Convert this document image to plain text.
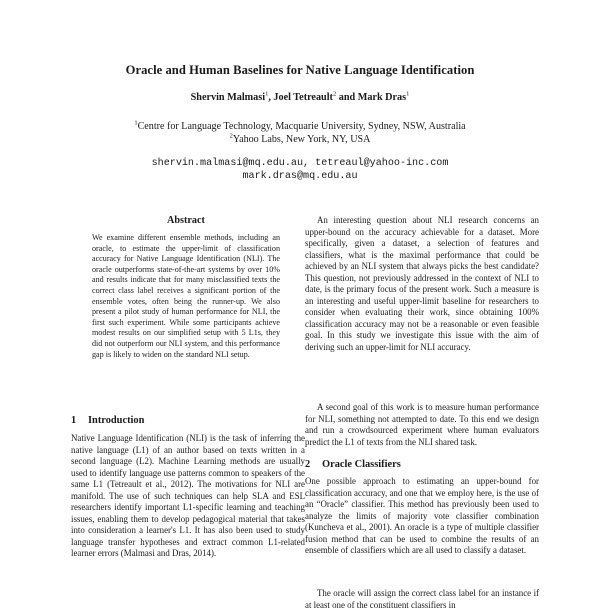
Oracle and Human Baselines for Native Language Identification
Shervin Malmasi$^1$, Joel Tetreault$^2$ and Mark Dras$^1$
$^1$Centre for Language Technology, Macquarie University, Sydney, NSW, Australia
$^2$Yahoo Labs, New York, NY, USA
shervin.malmasi@mq.edu.au, tetreaul@yahoo-inc.com
mark.dras@mq.edu.au
Abstract

We examine different ensemble methods, including an oracle, to estimate the upper-limit of classification accuracy for Native Language Identification (NLI). The oracle outperforms state-of-the-art systems by over 10% and results indicate that for many misclassified texts the correct class label receives a significant portion of the ensemble votes, often being the runner-up. We also present a pilot study of human performance for NLI, the first such experiment. While some participants achieve modest results on our simplified setup with 5 L1s, they did not outperform our NLI system, and this performance gap is likely to widen on the standard NLI setup.

1 Introduction

Native Language Identification (NLI) is the task of inferring the native language (L1) of an author based on texts written in a second language (L2). Machine Learning methods are usually used to identify language use patterns common to speakers of the same L1 (Tetreault et al., 2012). The motivations for NLI are manifold. The use of such techniques can help SLA and ESL researchers identify important L1-specific learning and teaching issues, enabling them to develop pedagogical material that takes into consideration a learner's L1. It has also been used to study language transfer hypotheses and extract common L1-related learner errors (Malmasi and Dras, 2014).

An interesting question about NLI research concerns an upper-bound on the accuracy achievable for a dataset. More specifically, given a dataset, a selection of features and classifiers, what is the maximal performance that could be achieved by an NLI system that always picks the best candidate? This question, not previously addressed in the context of NLI to date, is the primary focus of the present work. Such a measure is an interesting and useful upper-limit baseline for researchers to consider when evaluating their work, since obtaining 100% classification accuracy may not be a reasonable or even feasible goal. In this study we investigate this issue with the aim of deriving such an upper-limit for NLI accuracy.

A second goal of this work is to measure human performance for NLI, something not attempted to date. To this end we design and run a crowdsourced experiment where human evaluators predict the L1 of texts from the NLI shared task.

2 Oracle Classifiers

One possible approach to estimating an upper-bound for classification accuracy, and one that we employ here, is the use of an “Oracle” classifier. This method has previously been used to analyze the limits of majority vote classifier combination (Kuncheva et al., 2001). An oracle is a type of multiple classifier fusion method that can be used to combine the results of an ensemble of classifiers which are all used to classify a dataset.

The oracle will assign the correct class label for an instance if at least one of the constituent classifiers in
